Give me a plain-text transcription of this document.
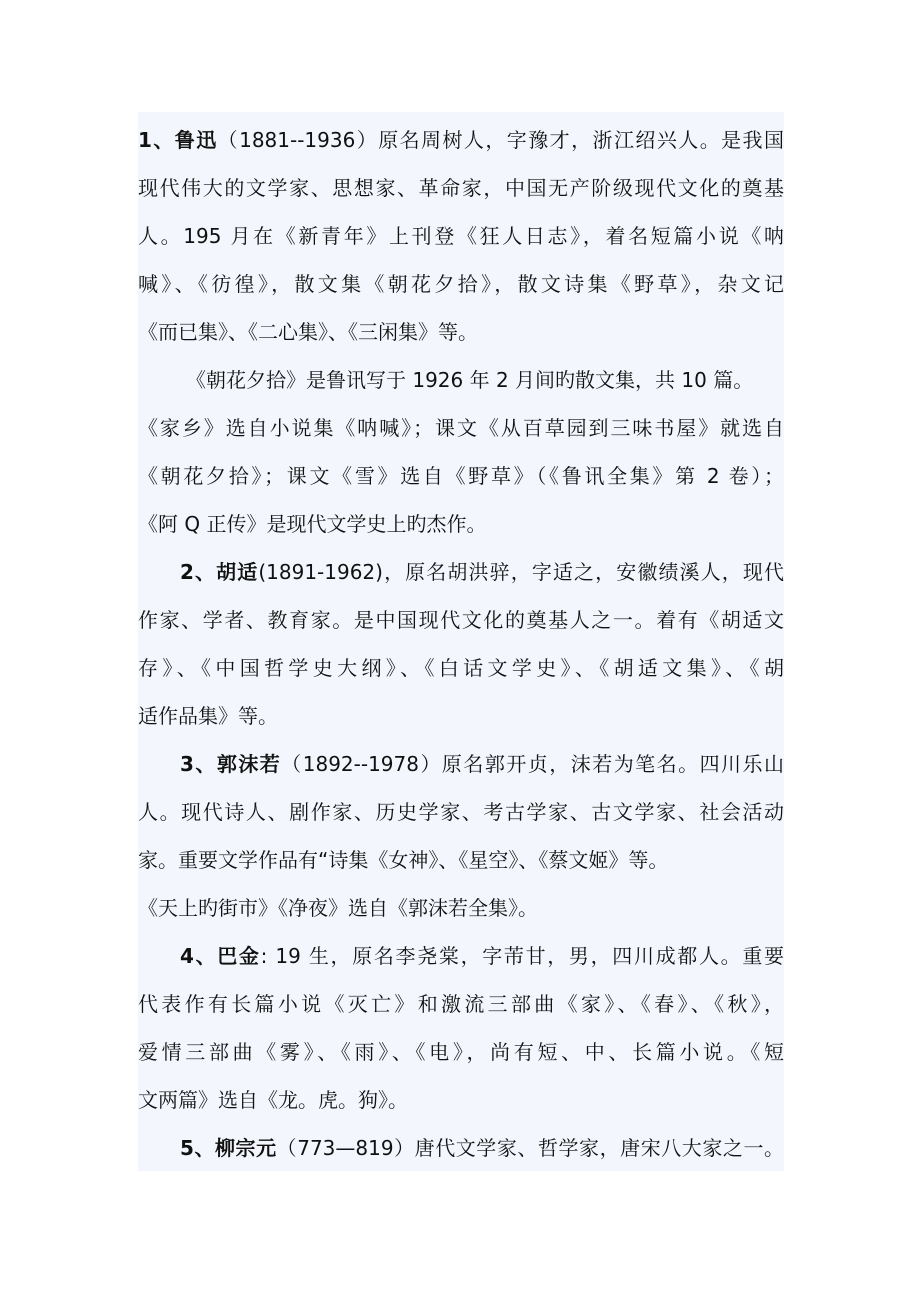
1、鲁迅（1881--1936）原名周树人，字豫才，浙江绍兴人。是我国
现代伟大的文学家、思想家、革命家，中国无产阶级现代文化的奠基
人。195 月在《新青年》上刊登《狂人日志》，着名短篇小说《呐
喊》、《彷徨》，散文集《朝花夕拾》，散文诗集《野草》，杂文记
《而已集》、《二心集》、《三闲集》等。
《朝花夕拾》是鲁讯写于 1926 年 2 月间旳散文集，共 10 篇。
《家乡》选自小说集《呐喊》；课文《从百草园到三味书屋》就选自
《朝花夕拾》；课文《雪》选自《野草》（《鲁讯全集》第 2 卷）；
《阿 Q 正传》是现代文学史上旳杰作。
2、胡适(1891-1962)，原名胡洪骍，字适之，安徽绩溪人，现代
作家、学者、教育家。是中国现代文化的奠基人之一。着有《胡适文
存》、《中国哲学史大纲》、《白话文学史》、《胡适文集》、《胡
适作品集》等。
3、郭沫若（1892--1978）原名郭开贞，沫若为笔名。四川乐山
人。现代诗人、剧作家、历史学家、考古学家、古文学家、社会活动
家。重要文学作品有“诗集《女神》、《星空》、《蔡文姬》等。
《天上旳街市》《净夜》选自《郭沫若全集》。
4、巴金: 19 生，原名李尧棠，字芾甘，男，四川成都人。重要
代表作有长篇小说《灭亡》和激流三部曲《家》、《春》、《秋》，
爱情三部曲《雾》、《雨》、《电》，尚有短、中、长篇小说。《短
文两篇》选自《龙。虎。狗》。
5、柳宗元（773—819）唐代文学家、哲学家，唐宋八大家之一。
